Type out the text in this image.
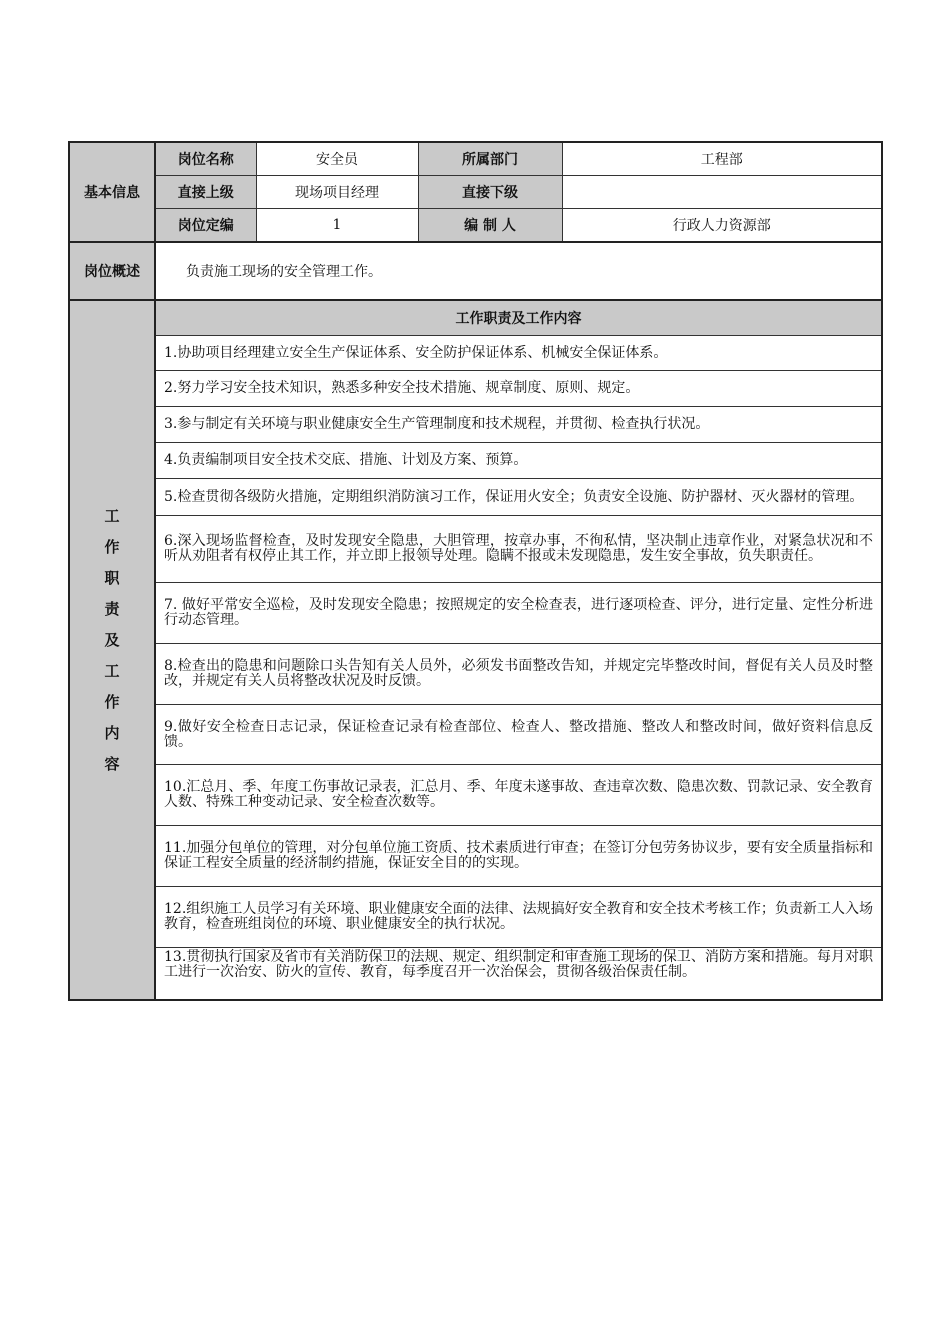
基本信息	岗位名称	安全员	所属部门	工程部
	直接上级	现场项目经理	直接下级	
	岗位定编	1	编 制 人	行政人力资源部
岗位概述	负责施工现场的安全管理工作。			
工作职责及工作内容	工作职责及工作内容			
	1.协助项目经理建立安全生产保证体系、安全防护保证体系、机械安全保证体系。			
	2.努力学习安全技术知识，熟悉多种安全技术措施、规章制度、原则、规定。			
	3.参与制定有关环境与职业健康安全生产管理制度和技术规程，并贯彻、检查执行状况。			
	4.负责编制项目安全技术交底、措施、计划及方案、预算。			
	5.检查贯彻各级防火措施，定期组织消防演习工作，保证用火安全；负责安全设施、防护器材、灭火器材的管理。			
	6.深入现场监督检查，及时发现安全隐患，大胆管理，按章办事，不徇私情，坚决制止违章作业，对紧急状况和不听从劝阻者有权停止其工作，并立即上报领导处理。隐瞒不报或未发现隐患，发生安全事故，负失职责任。			
	7. 做好平常安全巡检，及时发现安全隐患；按照规定的安全检查表，进行逐项检查、评分，进行定量、定性分析进行动态管理。			
	8.检查出的隐患和问题除口头告知有关人员外，必须发书面整改告知，并规定完毕整改时间，督促有关人员及时整改，并规定有关人员将整改状况及时反馈。			
	9.做好安全检查日志记录，保证检查记录有检查部位、检查人、整改措施、整改人和整改时间，做好资料信息反馈。			
	10.汇总月、季、年度工伤事故记录表，汇总月、季、年度未遂事故、查违章次数、隐患次数、罚款记录、安全教育人数、特殊工种变动记录、安全检查次数等。			
	11.加强分包单位的管理，对分包单位施工资质、技术素质进行审查；在签订分包劳务协议步，要有安全质量指标和保证工程安全质量的经济制约措施，保证安全目的的实现。			
	12.组织施工人员学习有关环境、职业健康安全面的法律、法规搞好安全教育和安全技术考核工作；负责新工人入场教育，检查班组岗位的环境、职业健康安全的执行状况。			
	13.贯彻执行国家及省市有关消防保卫的法规、规定、组织制定和审查施工现场的保卫、消防方案和措施。每月对职工进行一次治安、防火的宣传、教育，每季度召开一次治保会，贯彻各级治保责任制。			
